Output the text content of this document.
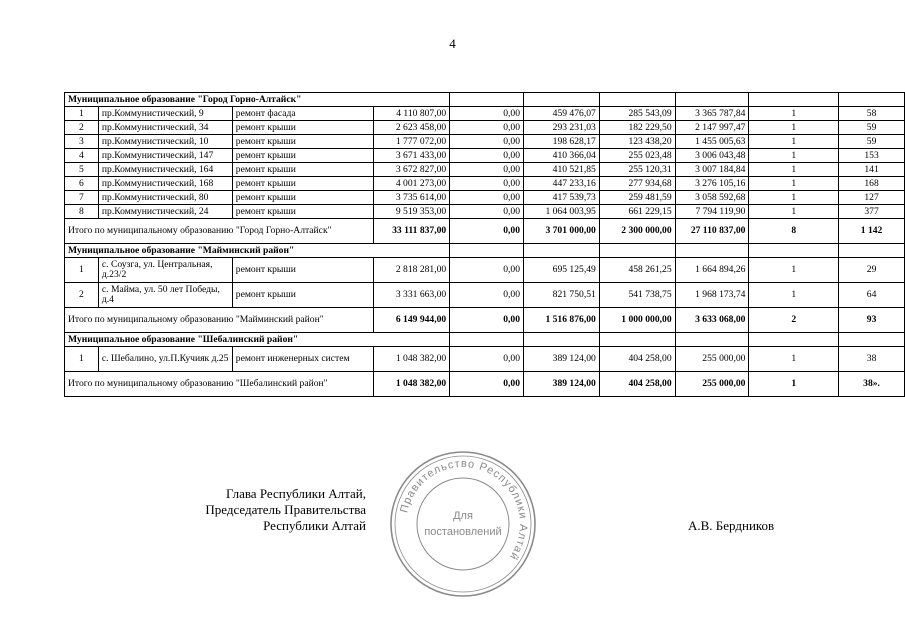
4
Муниципальное образование "Город Горно-Алтайск"									
1	пр.Коммунистический, 9	ремонт фасада	4 110 807,00	0,00	459 476,07	285 543,09	3 365 787,84	1	58
2	пр.Коммунистический, 34	ремонт крыши	2 623 458,00	0,00	293 231,03	182 229,50	2 147 997,47	1	59
3	пр.Коммунистический, 10	ремонт крыши	1 777 072,00	0,00	198 628,17	123 438,20	1 455 005,63	1	59
4	пр.Коммунистический, 147	ремонт крыши	3 671 433,00	0,00	410 366,04	255 023,48	3 006 043,48	1	153
5	пр.Коммунистический, 164	ремонт крыши	3 672 827,00	0,00	410 521,85	255 120,31	3 007 184,84	1	141
6	пр.Коммунистический, 168	ремонт крыши	4 001 273,00	0,00	447 233,16	277 934,68	3 276 105,16	1	168
7	пр.Коммунистический, 80	ремонт крыши	3 735 614,00	0,00	417 539,73	259 481,59	3 058 592,68	1	127
8	пр.Коммунистический, 24	ремонт крыши	9 519 353,00	0,00	1 064 003,95	661 229,15	7 794 119,90	1	377
Итого по муниципальному образованию "Город Горно-Алтайск"			33 111 837,00	0,00	3 701 000,00	2 300 000,00	27 110 837,00	8	1 142
Муниципальное образование "Майминский район"									
1	с. Соузга, ул. Центральная, д.23/2	ремонт крыши	2 818 281,00	0,00	695 125,49	458 261,25	1 664 894,26	1	29
2	с. Майма, ул. 50 лет Победы, д.4	ремонт крыши	3 331 663,00	0,00	821 750,51	541 738,75	1 968 173,74	1	64
Итого по муниципальному образованию "Майминский район"			6 149 944,00	0,00	1 516 876,00	1 000 000,00	3 633 068,00	2	93
Муниципальное образование "Шебалинский район"									
1	с. Шебалино, ул.П.Кучияк д.25	ремонт инженерных систем	1 048 382,00	0,00	389 124,00	404 258,00	255 000,00	1	38
Итого по муниципальному образованию "Шебалинский район"			1 048 382,00	0,00	389 124,00	404 258,00	255 000,00	1	38».
Глава Республики Алтай,
Председатель Правительства
Республики Алтай	А.В. Бердников
Правительство Республики Алтай
Для
постановлений
